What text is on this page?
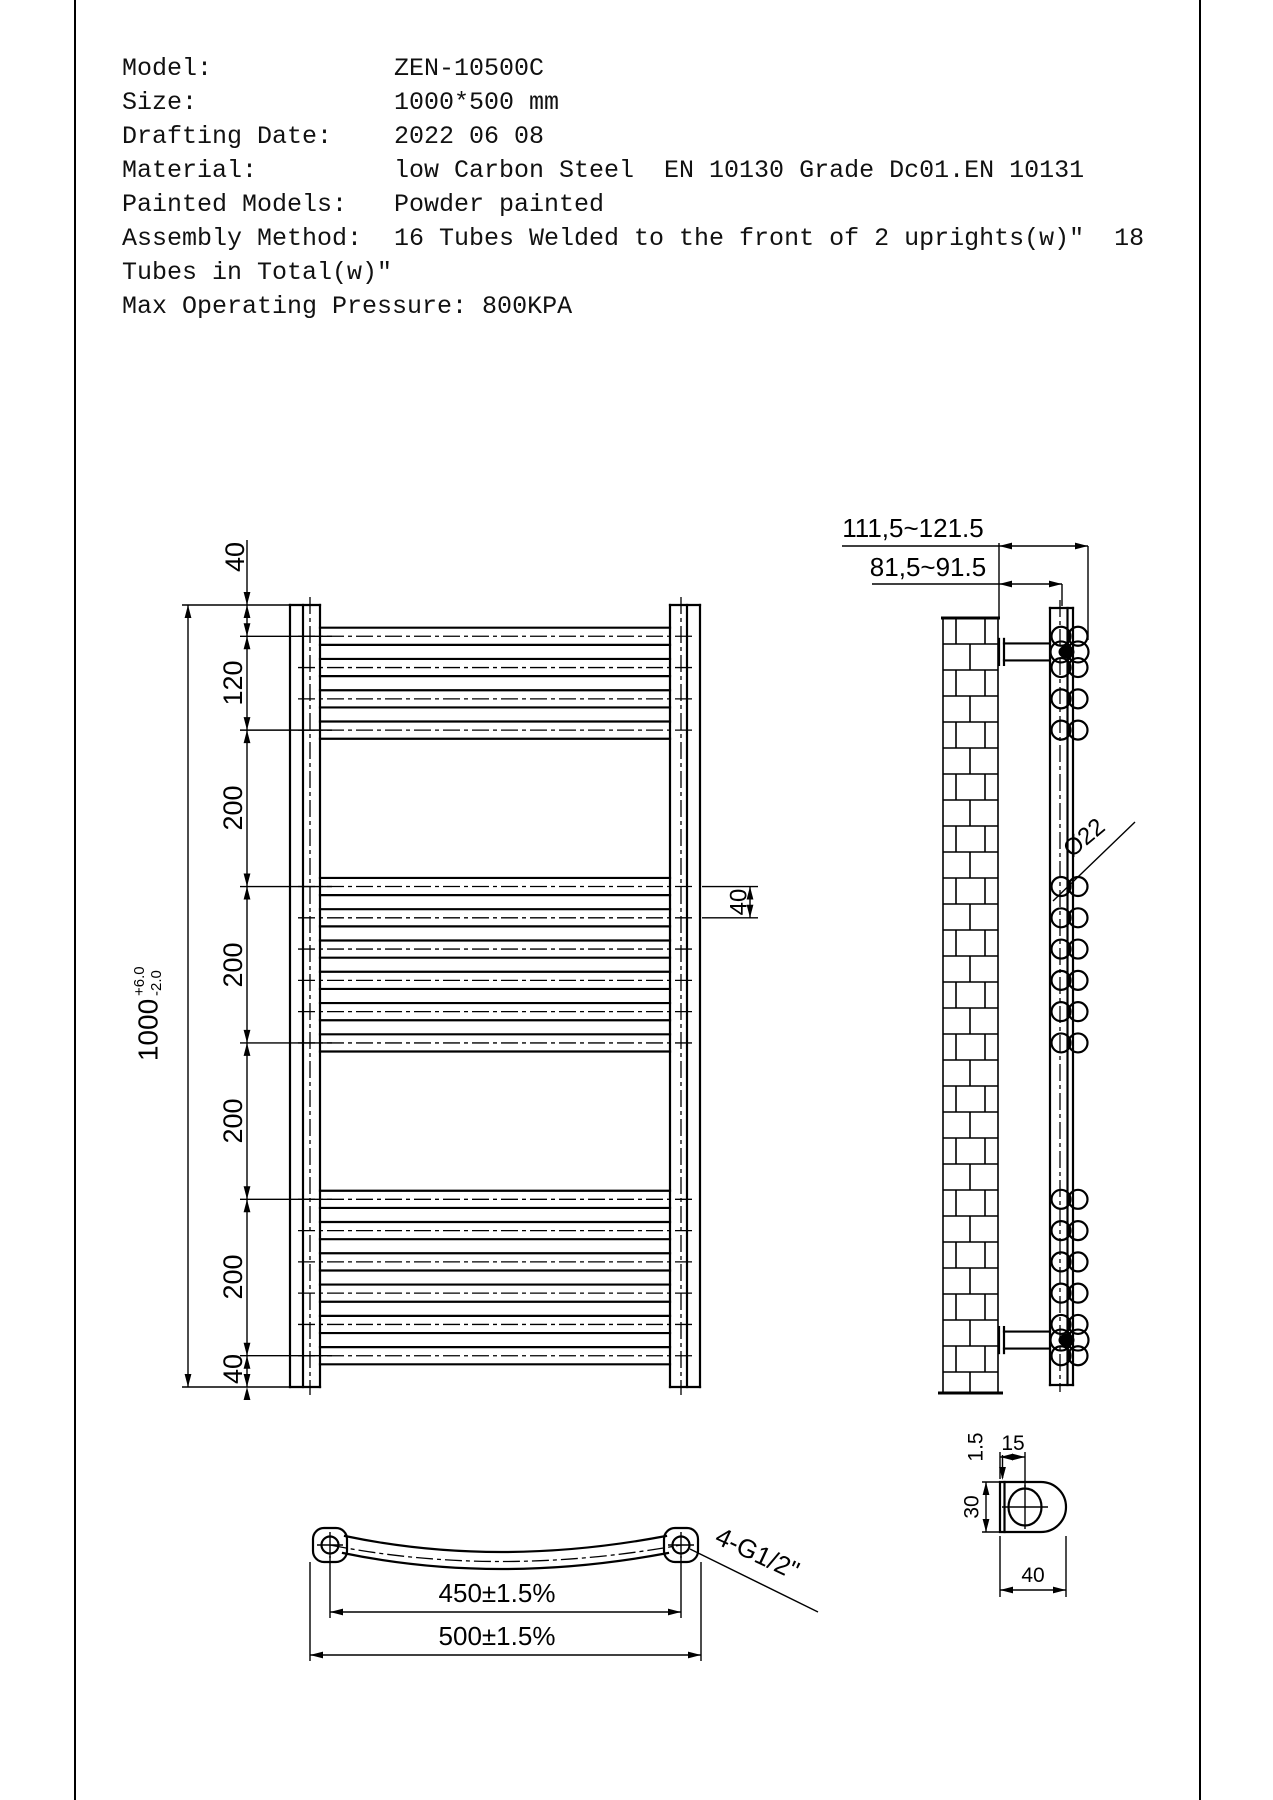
Model:	ZEN-10500C
Size:	1000*500 mm
Drafting Date:	2022 06 08
Material:	low Carbon Steel  EN 10130 Grade Dc01.EN 10131
Painted Models:	Powder painted
Assembly Method:	16 Tubes Welded to the front of 2 uprights(w)"  18
Tubes in Total(w)"
Max Operating Pressure: 800KPA
40
120
200
200
200
200
40
1000
+6.0 -2.0
40
111,5~121.5
81,5~91.5
Ø22
450±1.5%
500±1.5%
4-G1/2"
1.5 15
30
40
